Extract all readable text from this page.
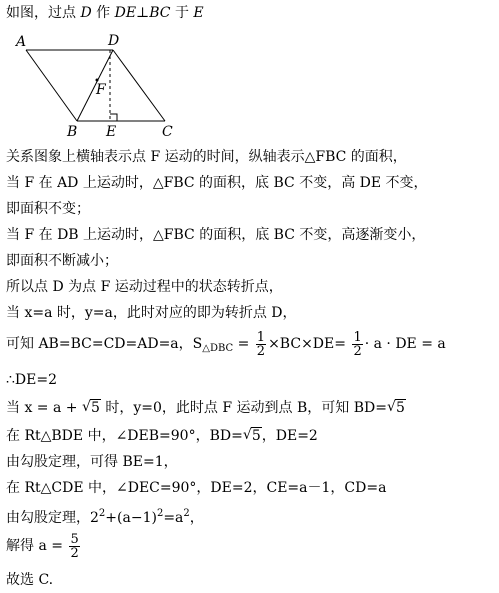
如图，过点 D 作 DE⊥BC 于 E
A	D
F
B E	C
关系图象上横轴表示点 F 运动的时间，纵轴表示△FBC 的面积，
当 F 在 AD 上运动时，△FBC 的面积，底 BC 不变，高 DE 不变，
即面积不变；
当 F 在 DB 上运动时，△FBC 的面积，底 BC 不变，高逐渐变小，
即面积不断减小；
所以点 D 为点 F 运动过程中的状态转折点，
当 x=a 时，y=a，此时对应的即为转折点 D，
可知 AB=BC=CD=AD=a，$S_{\triangle DBC} = \frac{1}{2} \times BC\times DE= \frac{1}{2} \cdot a$ · DE = a
∴DE=2
当 x = a + √ 5 时，y=0，此时点 F 运动到点 B，可知 BD= √ 5
在 Rt△BDE 中，∠DEB=90°，BD= √ 5，DE=2
由勾股定理，可得 BE=1，
在 Rt△CDE 中，∠DEC=90°，DE=2，CE=a－1，CD=a
由勾股定理，$2^2+(a-1)^2=a^2$，
解得 $a = \frac{5}{2}$
故选 C.
